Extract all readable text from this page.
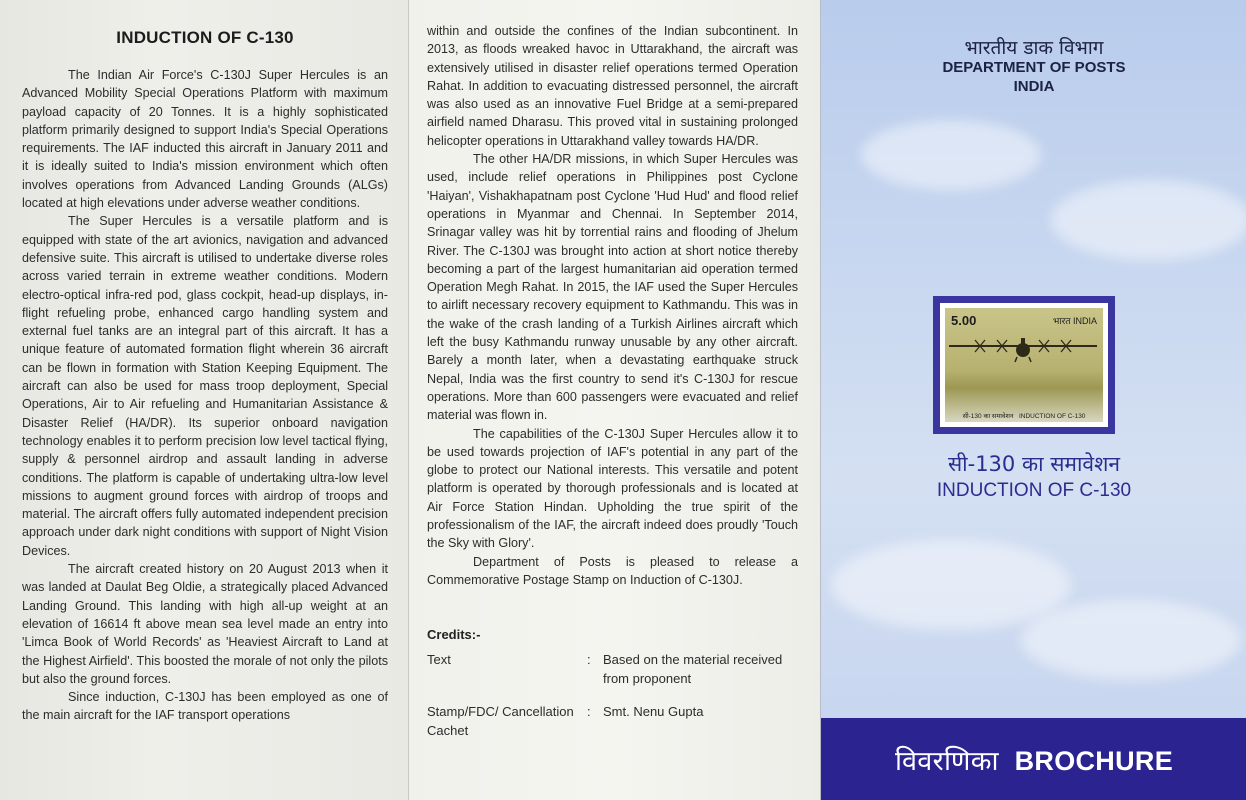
INDUCTION OF C-130

The Indian Air Force's C-130J Super Hercules is an Advanced Mobility Special Operations Platform with maximum payload capacity of 20 Tonnes. It is a highly sophisticated platform primarily designed to support India's Special Operations requirements. The IAF inducted this aircraft in January 2011 and it is ideally suited to India's mission environment which often involves operations from Advanced Landing Grounds (ALGs) located at high elevations under adverse weather conditions.

The Super Hercules is a versatile platform and is equipped with state of the art avionics, navigation and advanced defensive suite. This aircraft is utilised to undertake diverse roles across varied terrain in extreme weather conditions. Modern electro-optical infra-red pod, glass cockpit, head-up displays, in-flight refueling probe, enhanced cargo handling system and external fuel tanks are an integral part of this aircraft. It has a unique feature of automated formation flight wherein 36 aircraft can be flown in formation with Station Keeping Equipment. The aircraft can also be used for mass troop deployment, Special Operations, Air to Air refueling and Humanitarian Assistance & Disaster Relief (HA/DR). Its superior onboard navigation technology enables it to perform precision low level tactical flying, supply & personnel airdrop and assault landing in adverse conditions. The platform is capable of undertaking ultra-low level missions to augment ground forces with airdrop of troops and material. The aircraft offers fully automated independent precision approach under dark night conditions with support of Night Vision Devices.

The aircraft created history on 20 August 2013 when it was landed at Daulat Beg Oldie, a strategically placed Advanced Landing Ground. This landing with high all-up weight at an elevation of 16614 ft above mean sea level made an entry into 'Limca Book of World Records' as 'Heaviest Aircraft to Land at the Highest Airfield'. This boosted the morale of not only the pilots but also the ground forces.

Since induction, C-130J has been employed as one of the main aircraft for the IAF transport operations

within and outside the confines of the Indian subcontinent. In 2013, as floods wreaked havoc in Uttarakhand, the aircraft was extensively utilised in disaster relief operations termed Operation Rahat. In addition to evacuating distressed personnel, the aircraft was also used as an innovative Fuel Bridge at a semi-prepared airfield named Dharasu. This proved vital in sustaining prolonged helicopter operations in Uttarakhand valley towards HA/DR.

The other HA/DR missions, in which Super Hercules was used, include relief operations in Philippines post Cyclone 'Haiyan', Vishakhapatnam post Cyclone 'Hud Hud' and flood relief operations in Myanmar and Chennai. In September 2014, Srinagar valley was hit by torrential rains and flooding of Jhelum River. The C-130J was brought into action at short notice thereby becoming a part of the largest humanitarian aid operation termed Operation Megh Rahat. In 2015, the IAF used the Super Hercules to airlift necessary recovery equipment to Kathmandu. This was in the wake of the crash landing of a Turkish Airlines aircraft which left the busy Kathmandu runway unusable by any other aircraft. Barely a month later, when a devastating earthquake struck Nepal, India was the first country to send it's C-130J for rescue operations. More than 600 passengers were evacuated and relief material was flown in.

The capabilities of the C-130J Super Hercules allow it to be used towards projection of IAF's potential in any part of the globe to protect our National interests. This versatile and potent platform is operated by thorough professionals and is located at Air Force Station Hindan. Upholding the true spirit of the professionalism of the IAF, the aircraft indeed does proudly 'Touch the Sky with Glory'.

Department of Posts is pleased to release a Commemorative Postage Stamp on Induction of C-130J.

Credits:-
Text	: Based on the material received from proponent
Stamp/FDC/ Cancellation Cachet
: Smt. Nenu Gupta
भारतीय डाक विभाग
DEPARTMENT OF POSTS
INDIA
5.00	भारत INDIA
सी-130 का समावेशन INDUCTION OF C-130
सी-130 का समावेशन
INDUCTION OF C-130
विवरणिका BROCHURE
